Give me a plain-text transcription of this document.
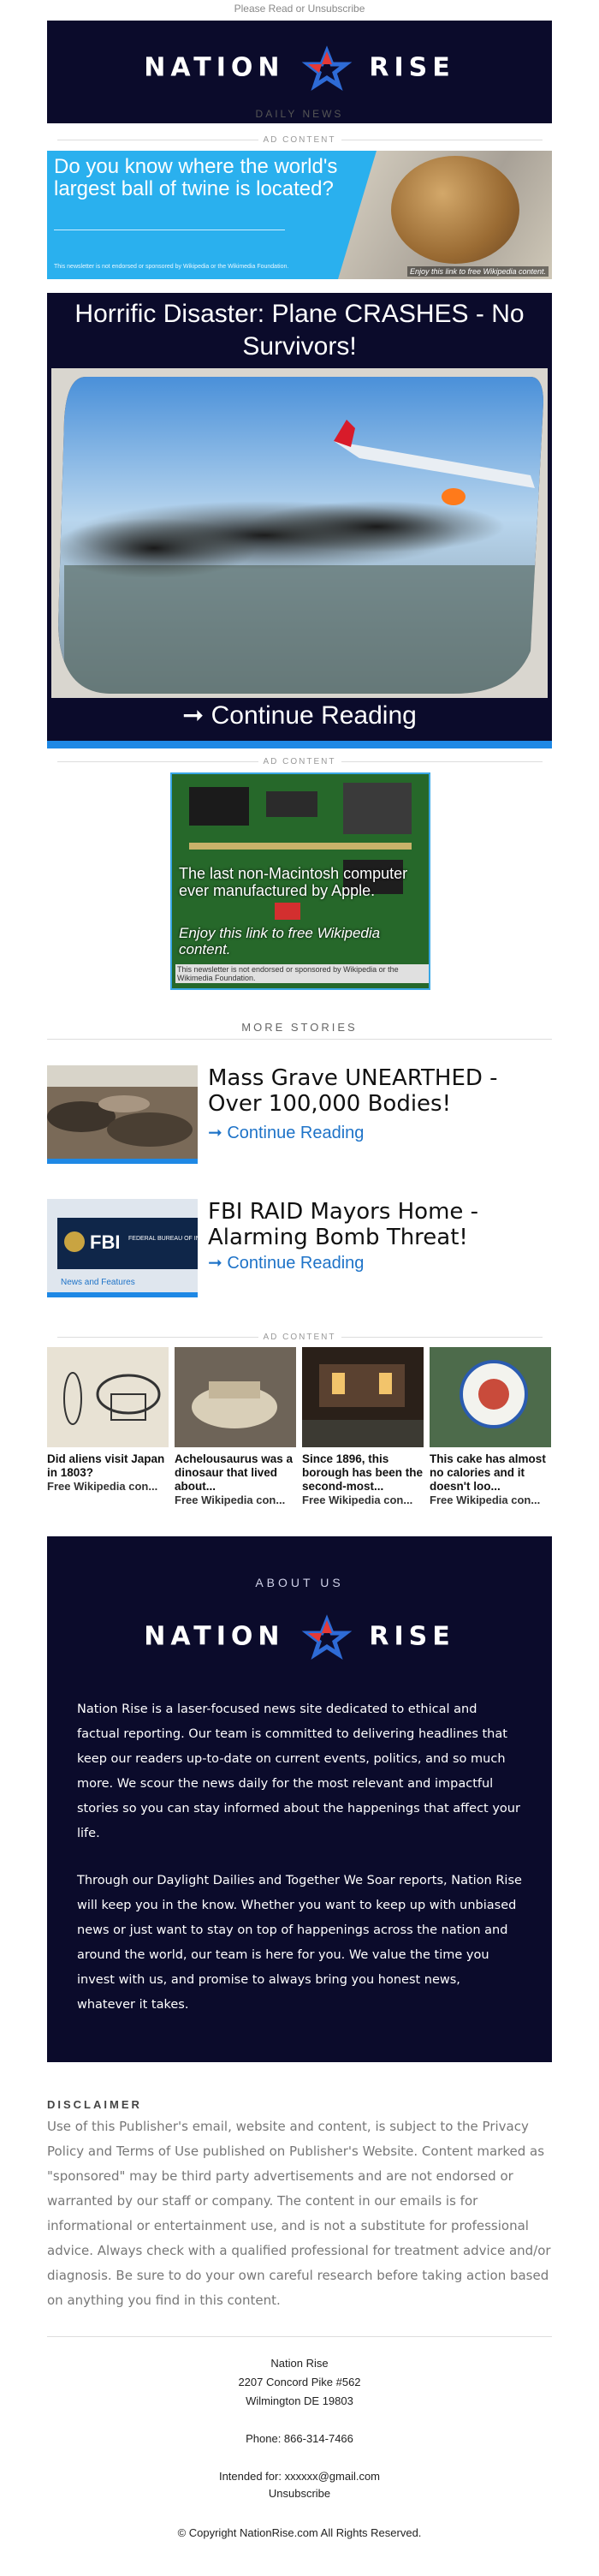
Please Read or Unsubscribe
NATION	RISE
DAILY NEWS
AD CONTENT
Do you know where the world's largest ball of twine is located?
This newsletter is not endorsed or sponsored by Wikipedia or the Wikimedia Foundation.
Enjoy this link to free Wikipedia content.
Horrific Disaster: Plane CRASHES - No Survivors!
➞ Continue Reading
AD CONTENT
The last non-Macintosh computer ever manufactured by Apple.
Enjoy this link to free Wikipedia content.
This newsletter is not endorsed or sponsored by Wikipedia or the Wikimedia Foundation.
MORE STORIES
Mass Grave UNEARTHED - Over 100,000 Bodies!
➞ Continue Reading
FBI FEDERAL BUREAU OF INVESTIGATION
News and Features
FBI RAID Mayors Home - Alarming Bomb Threat!
➞ Continue Reading
AD CONTENT
Did aliens visit Japan in 1803?
Free Wikipedia con...
Achelousaurus was a dinosaur that lived about...
Free Wikipedia con...
Since 1896, this borough has been the second-most...
Free Wikipedia con...
This cake has almost no calories and it doesn't loo...
Free Wikipedia con...
ABOUT US
NATION	RISE

Nation Rise is a laser-focused news site dedicated to ethical and factual reporting. Our team is committed to delivering headlines that keep our readers up-to-date on current events, politics, and so much more. We scour the news daily for the most relevant and impactful stories so you can stay informed about the happenings that affect your life.

Through our Daylight Dailies and Together We Soar reports, Nation Rise will keep you in the know. Whether you want to keep up with unbiased news or just want to stay on top of happenings across the nation and around the world, our team is here for you. We value the time you invest with us, and promise to always bring you honest news, whatever it takes.

DISCLAIMER
Use of this Publisher's email, website and content, is subject to the Privacy Policy and Terms of Use published on Publisher's Website. Content marked as "sponsored" may be third party advertisements and are not endorsed or warranted by our staff or company. The content in our emails is for informational or entertainment use, and is not a substitute for professional advice. Always check with a qualified professional for treatment advice and/or diagnosis. Be sure to do your own careful research before taking action based on anything you find in this content.
Nation Rise
2207 Concord Pike #562
Wilmington DE 19803
Phone: 866-314-7466
Intended for: xxxxxx@gmail.com
Unsubscribe
© Copyright NationRise.com All Rights Reserved.
